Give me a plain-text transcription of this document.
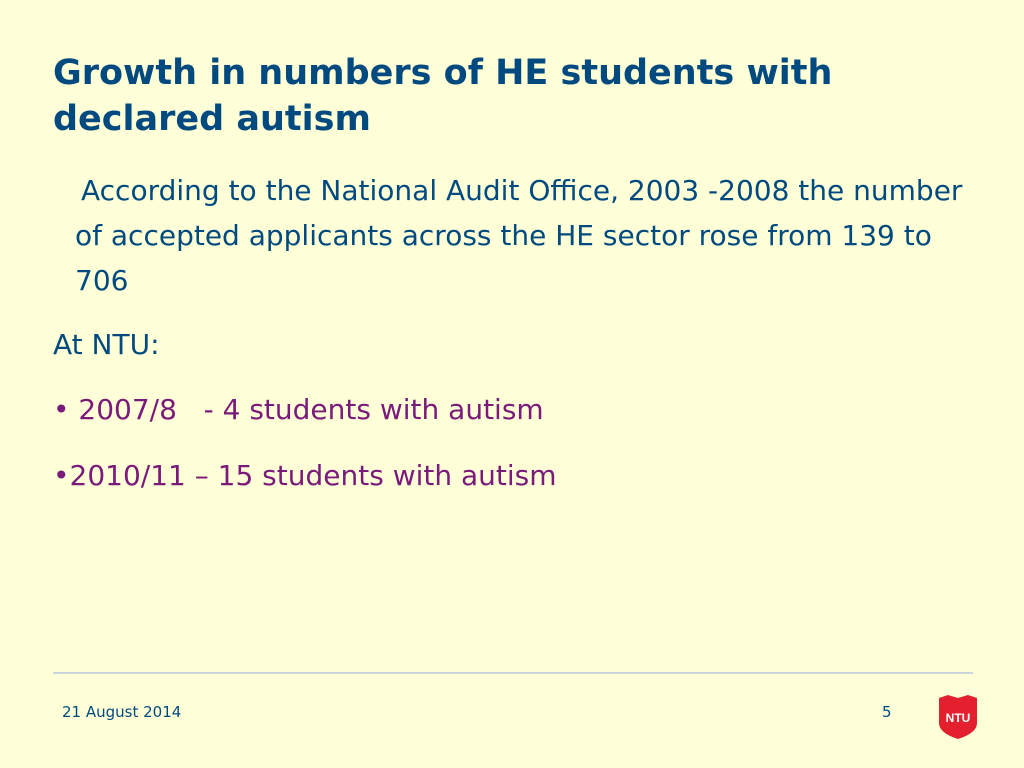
Growth in numbers of HE students with declared autism

According to the National Audit Office, 2003 -2008 the number of accepted applicants across the HE sector rose from 139 to 706

At NTU:

• 2007/8   - 4 students with autism

•2010/11 – 15 students with autism

21 August 2014	5	NTU
